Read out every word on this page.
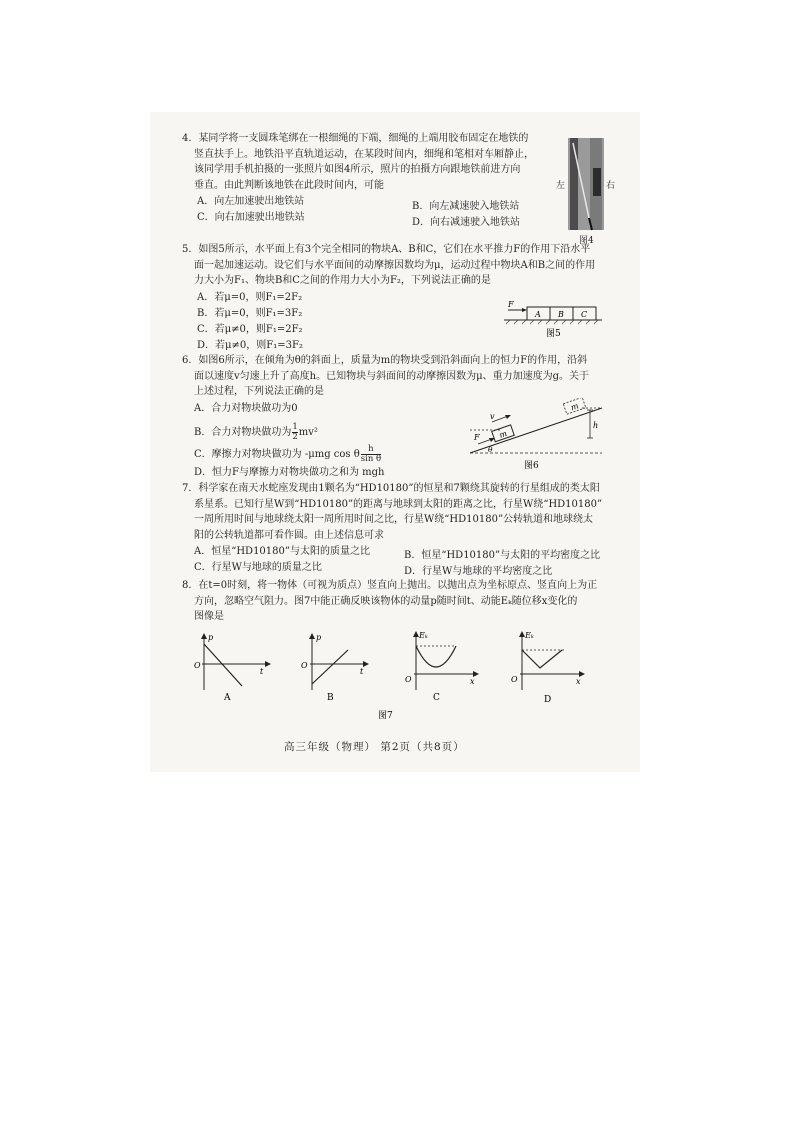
4．某同学将一支圆珠笔绑在一根细绳的下端，细绳的上端用胶布固定在地铁的
竖直扶手上。地铁沿平直轨道运动，在某段时间内，细绳和笔相对车厢静止，
该同学用手机拍摄的一张照片如图4所示，照片的拍摄方向跟地铁前进方向
垂直。由此判断该地铁在此段时间内，可能
A．向左加速驶出地铁站	B．向左减速驶入地铁站
C．向右加速驶出地铁站	D．向右减速驶入地铁站
左	右
图4
5．如图5所示，水平面上有3个完全相同的物块A、B和C，它们在水平推力F的作用下沿水平
面一起加速运动。设它们与水平面间的动摩擦因数均为μ，运动过程中物块A和B之间的作用
力大小为F₁、物块B和C之间的作用力大小为F₂，下列说法正确的是
A．若μ=0，则F₁=2F₂
B．若μ=0，则F₁=3F₂
C．若μ≠0，则F₁=2F₂
D．若μ≠0，则F₁=3F₂
F
A B C
图5
6．如图6所示，在倾角为θ的斜面上，质量为m的物块受到沿斜面向上的恒力F的作用，沿斜
面以速度v匀速上升了高度h。已知物块与斜面间的动摩擦因数为μ、重力加速度为g。关于
上述过程，下列说法正确的是
A．合力对物块做功为0
B．合力对物块做功为 $\frac{1}{2} mv^2$
C．摩擦力对物块做功为 -μmg cos θ $\frac{h}{\text{sin θ}}$
D．恒力F与摩擦力对物块做功之和为 mgh
h
m
m
F
v
θ
图6
7．科学家在南天水蛇座发现由1颗名为“HD10180”的恒星和7颗绕其旋转的行星组成的类太阳
系星系。已知行星W到“HD10180”的距离与地球到太阳的距离之比，行星W绕“HD10180”
一周所用时间与地球绕太阳一周所用时间之比，行星W绕“HD10180”公转轨道和地球绕太
阳的公转轨道都可看作圆。由上述信息可求
A．恒星“HD10180”与太阳的质量之比	B．恒星“HD10180”与太阳的平均密度之比
C．行星W与地球的质量之比	D．行星W与地球的平均密度之比
8．在t=0时刻，将一物体（可视为质点）竖直向上抛出。以抛出点为坐标原点、竖直向上为正
方向，忽略空气阻力。图7中能正确反映该物体的动量p随时间t、动能Eₖ随位移x变化的
图像是
p
t
O
A
p
t
O
B
Eₖ
x
O
C
Eₖ
x
O
D
图7
高三年级（物理） 第2页（共8页）
